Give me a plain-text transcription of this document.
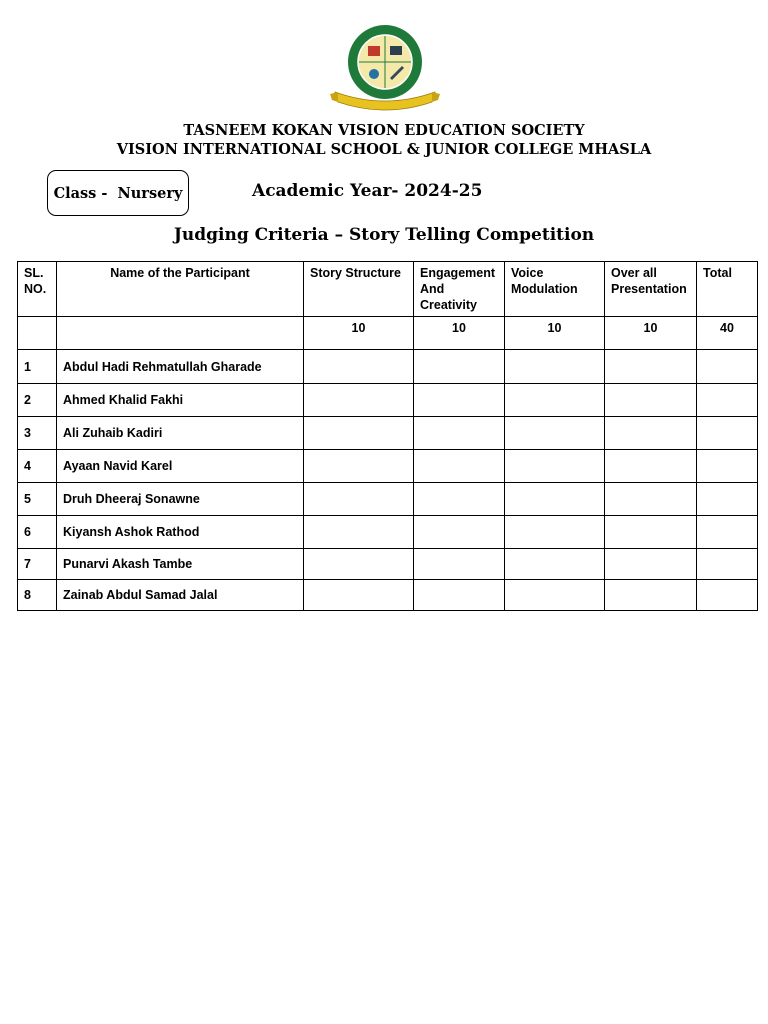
TASNEEM KOKAN VISION EDUCATION SOCIETY
VISION INTERNATIONAL SCHOOL & JUNIOR COLLEGE MHASLA
Class -  Nursery	Academic Year- 2024-25
Judging Criteria – Story Telling Competition
SL. NO.	Name of the Participant	Story Structure	Engagement And Creativity	Voice Modulation	Over all Presentation	Total
		10	10	10	10	40
1	Abdul Hadi Rehmatullah Gharade					
2	Ahmed Khalid Fakhi					
3	Ali Zuhaib Kadiri					
4	Ayaan Navid Karel					
5	Druh Dheeraj Sonawne					
6	Kiyansh Ashok Rathod					
7	Punarvi Akash Tambe					
8	Zainab Abdul Samad Jalal					
